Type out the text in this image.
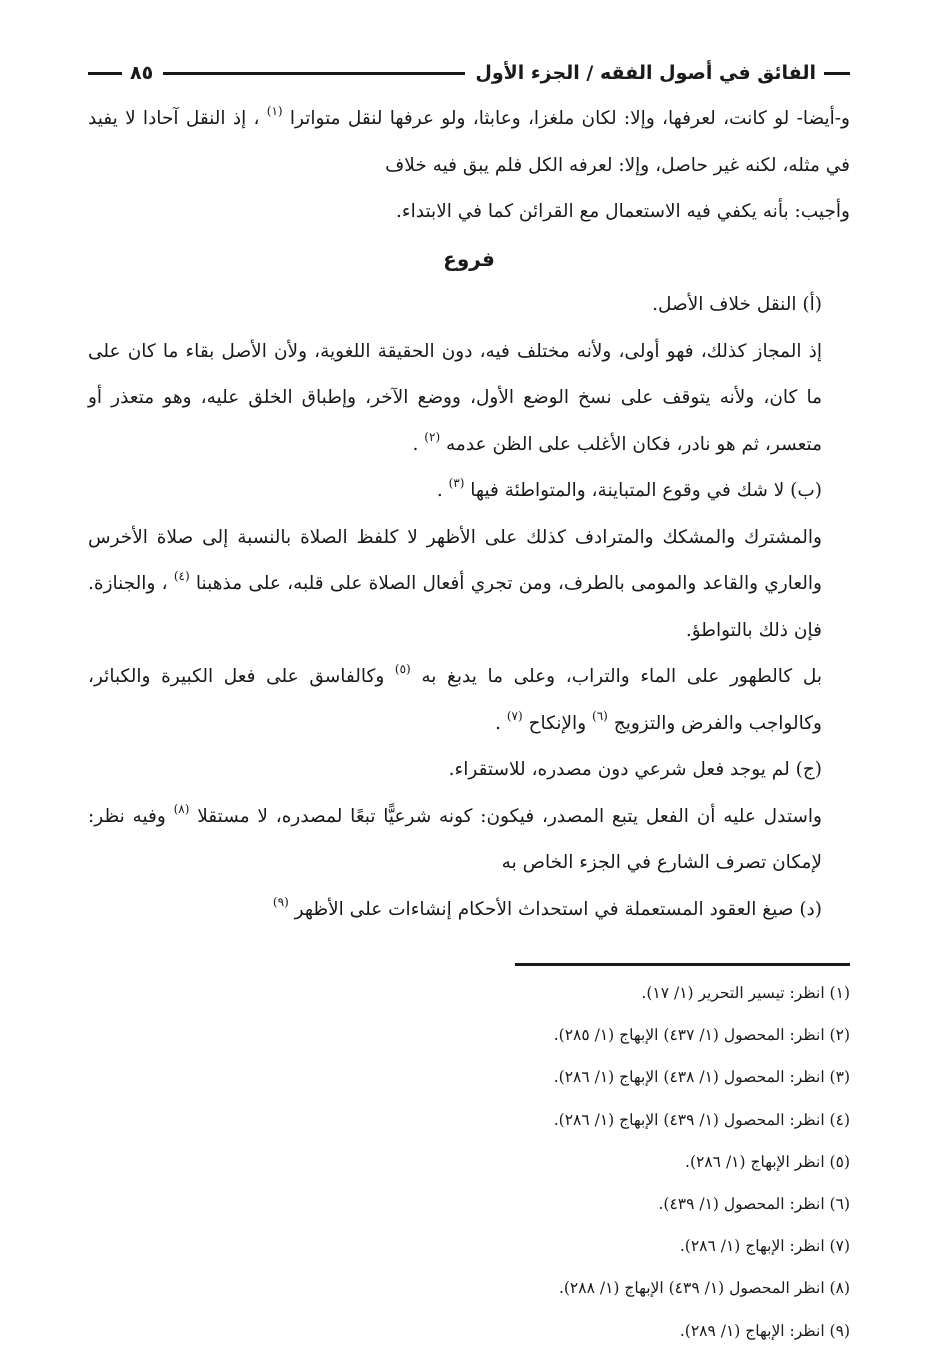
الفائق في أصول الفقه / الجزء الأول
٨٥

و-أيضا- لو كانت، لعرفها، وإلا: لكان ملغزا، وعابثا، ولو عرفها لنقل متواترا $^{(١)}$ ، إذ النقل آحادا لا يفيد في مثله، لكنه غير حاصل، وإلا: لعرفه الكل فلم يبق فيه خلاف

وأجيب: بأنه يكفي فيه الاستعمال مع القرائن كما في الابتداء.

فروع

(أ) النقل خلاف الأصل.

إذ المجاز كذلك، فهو أولى، ولأنه مختلف فيه، دون الحقيقة اللغوية، ولأن الأصل بقاء ما كان على ما كان، ولأنه يتوقف على نسخ الوضع الأول، ووضع الآخر، وإطباق الخلق عليه، وهو متعذر أو متعسر، ثم هو نادر، فكان الأغلب على الظن عدمه $^{(٢)}$ .

(ب) لا شك في وقوع المتباينة، والمتواطئة فيها $^{(٣)}$ .

والمشترك والمشكك والمترادف كذلك على الأظهر لا كلفظ الصلاة بالنسبة إلى صلاة الأخرس والعاري والقاعد والمومى بالطرف، ومن تجري أفعال الصلاة على قلبه، على مذهبنا $^{(٤)}$ ، والجنازة. فإن ذلك بالتواطؤ.

بل كالطهور على الماء والتراب، وعلى ما يدبغ به $^{(٥)}$ وكالفاسق على فعل الكبيرة والكبائر، وكالواجب والفرض والتزويج $^{(٦)}$ والإنكاح $^{(٧)}$ .

(ج) لم يوجد فعل شرعي دون مصدره، للاستقراء.

واستدل عليه أن الفعل يتبع المصدر، فيكون: كونه شرعيًّا تبعًا لمصدره، لا مستقلا $^{(٨)}$ وفيه نظر: لإمكان تصرف الشارع في الجزء الخاص به

(د) صيغ العقود المستعملة في استحداث الأحكام إنشاءات على الأظهر $^{(٩)}$

(١) انظر: تيسير التحرير (١/ ١٧).

(٢) انظر: المحصول (١/ ٤٣٧) الإبهاج (١/ ٢٨٥).

(٣) انظر: المحصول (١/ ٤٣٨) الإبهاج (١/ ٢٨٦).

(٤) انظر: المحصول (١/ ٤٣٩) الإبهاج (١/ ٢٨٦).

(٥) انظر الإبهاج (١/ ٢٨٦).

(٦) انظر: المحصول (١/ ٤٣٩).

(٧) انظر: الإبهاج (١/ ٢٨٦).

(٨) انظر المحصول (١/ ٤٣٩) الإبهاج (١/ ٢٨٨).

(٩) انظر: الإبهاج (١/ ٢٨٩).
